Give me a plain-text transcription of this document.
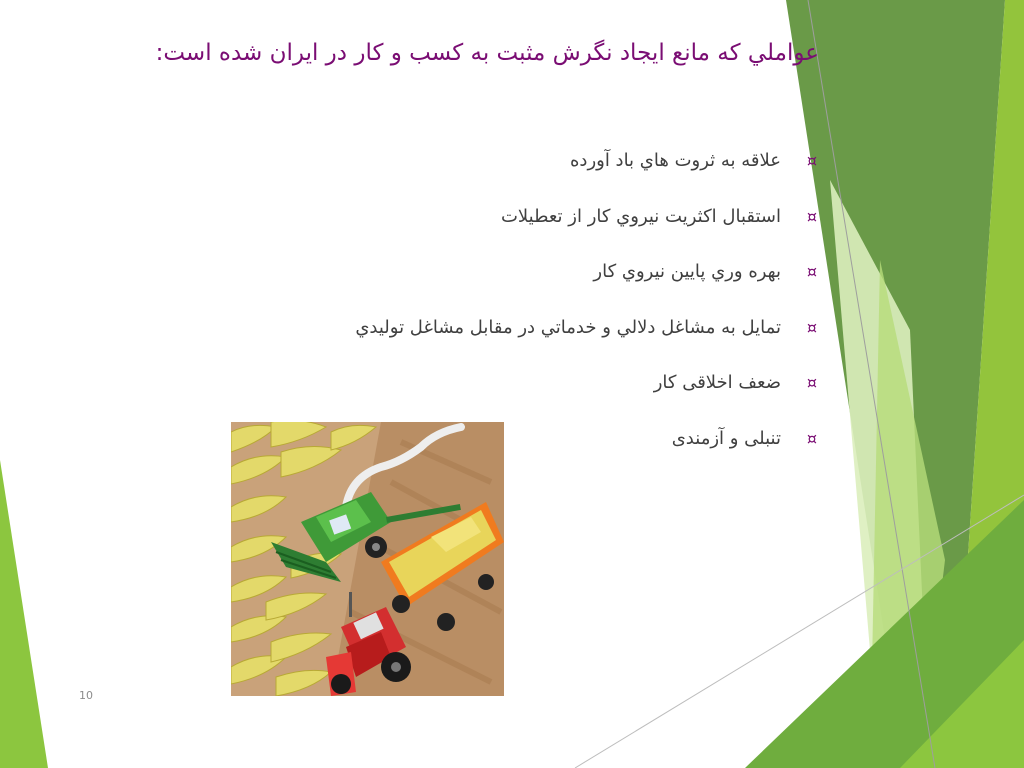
عواملي كه مانع ايجاد نگرش مثبت به كسب و كار در ايران شده است:
¤
علاقه به ثروت هاي باد آورده
¤
استقبال اكثريت نيروي كار از تعطيلات
¤
بهره وري پايين نيروي كار
¤
تمايل به مشاغل دلالي و خدماتي در مقابل مشاغل توليدي
¤
ضعف اخلاقی کار
¤
تنبلی و آزمندی
10
